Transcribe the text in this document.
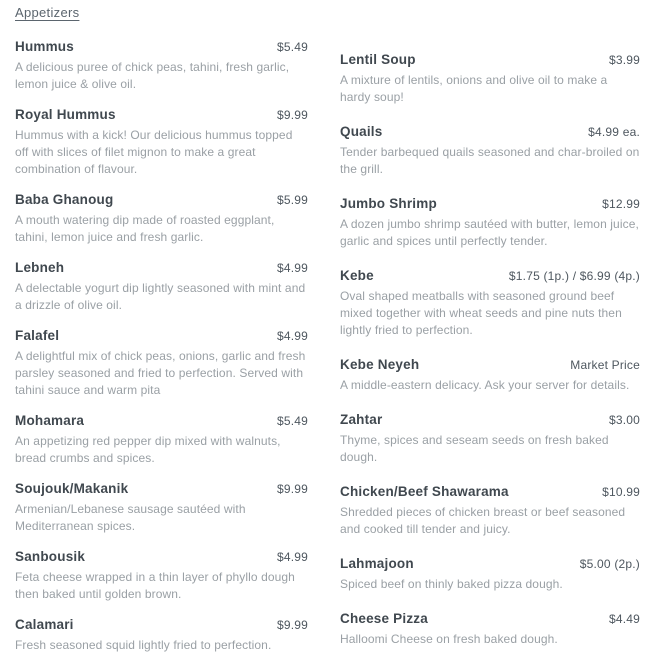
Appetizers
Hummus	$5.49
A delicious puree of chick peas, tahini, fresh garlic, lemon juice & olive oil.
Royal Hummus	$9.99
Hummus with a kick! Our delicious hummus topped off with slices of filet mignon to make a great combination of flavour.
Baba Ghanoug	$5.99
A mouth watering dip made of roasted eggplant, tahini, lemon juice and fresh garlic.
Lebneh	$4.99
A delectable yogurt dip lightly seasoned with mint and a drizzle of olive oil.
Falafel	$4.99
A delightful mix of chick peas, onions, garlic and fresh parsley seasoned and fried to perfection. Served with tahini sauce and warm pita
Mohamara	$5.49
An appetizing red pepper dip mixed with walnuts, bread crumbs and spices.
Soujouk/Makanik	$9.99
Armenian/Lebanese sausage sautéed with Mediterranean spices.
Sanbousik	$4.99
Feta cheese wrapped in a thin layer of phyllo dough then baked until golden brown.
Calamari	$9.99
Fresh seasoned squid lightly fried to perfection.
Lentil Soup	$3.99
A mixture of lentils, onions and olive oil to make a hardy soup!
Quails	$4.99 ea.
Tender barbequed quails seasoned and char-broiled on the grill.
Jumbo Shrimp	$12.99
A dozen jumbo shrimp sautéed with butter, lemon juice, garlic and spices until perfectly tender.
Kebe	$1.75 (1p.) / $6.99 (4p.)
Oval shaped meatballs with seasoned ground beef mixed together with wheat seeds and pine nuts then lightly fried to perfection.
Kebe Neyeh	Market Price
A middle-eastern delicacy. Ask your server for details.
Zahtar	$3.00
Thyme, spices and seseam seeds on fresh baked dough.
Chicken/Beef Shawarama	$10.99
Shredded pieces of chicken breast or beef seasoned and cooked till tender and juicy.
Lahmajoon	$5.00 (2p.)
Spiced beef on thinly baked pizza dough.
Cheese Pizza	$4.49
Halloomi Cheese on fresh baked dough.
